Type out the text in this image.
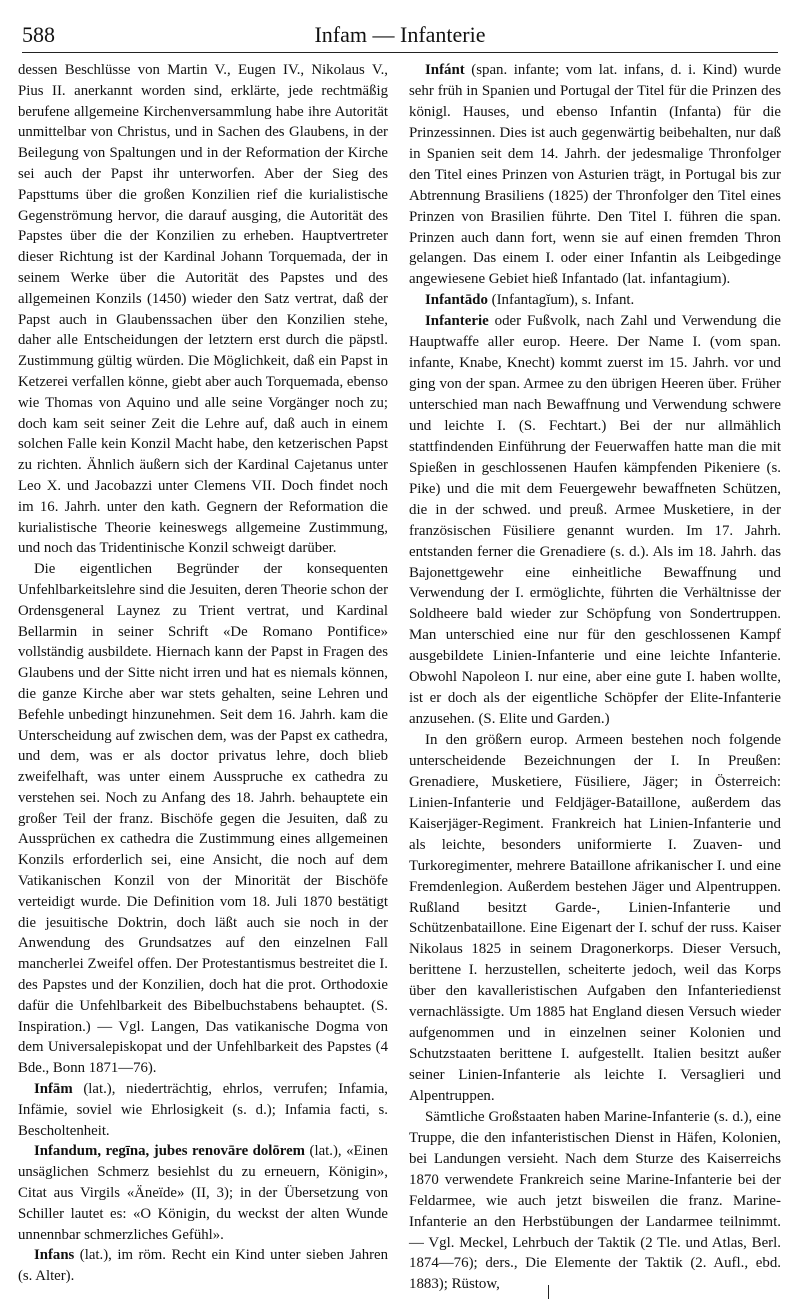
588	Infam — Infanterie

dessen Beschlüsse von Martin V., Eugen IV., Nikolaus V., Pius II. anerkannt worden sind, erklärte, jede rechtmäßig berufene allgemeine Kirchenversammlung habe ihre Autorität unmittelbar von Christus, und in Sachen des Glaubens, in der Beilegung von Spaltungen und in der Reformation der Kirche sei auch der Papst ihr unterworfen. Aber der Sieg des Papsttums über die großen Konzilien rief die kurialistische Gegenströmung hervor, die darauf ausging, die Autorität des Papstes über die der Konzilien zu erheben. Hauptvertreter dieser Richtung ist der Kardinal Johann Torquemada, der in seinem Werke über die Autorität des Papstes und des allgemeinen Konzils (1450) wieder den Satz vertrat, daß der Papst auch in Glaubenssachen über den Konzilien stehe, daher alle Entscheidungen der letztern erst durch die päpstl. Zustimmung gültig würden. Die Möglichkeit, daß ein Papst in Ketzerei verfallen könne, giebt aber auch Torquemada, ebenso wie Thomas von Aquino und alle seine Vorgänger noch zu; doch kam seit seiner Zeit die Lehre auf, daß auch in einem solchen Falle kein Konzil Macht habe, den ketzerischen Papst zu richten. Ähnlich äußern sich der Kardinal Cajetanus unter Leo X. und Jacobazzi unter Clemens VII. Doch findet noch im 16. Jahrh. unter den kath. Gegnern der Reformation die kurialistische Theorie keineswegs allgemeine Zustimmung, und noch das Tridentinische Konzil schweigt darüber.

Die eigentlichen Begründer der konsequenten Unfehlbarkeitslehre sind die Jesuiten, deren Theorie schon der Ordensgeneral Laynez zu Trient vertrat, und Kardinal Bellarmin in seiner Schrift «De Romano Pontifice» vollständig ausbildete. Hiernach kann der Papst in Fragen des Glaubens und der Sitte nicht irren und hat es niemals können, die ganze Kirche aber war stets gehalten, seine Lehren und Befehle unbedingt hinzunehmen. Seit dem 16. Jahrh. kam die Unterscheidung auf zwischen dem, was der Papst ex cathedra, und dem, was er als doctor privatus lehre, doch blieb zweifelhaft, was unter einem Ausspruche ex cathedra zu verstehen sei. Noch zu Anfang des 18. Jahrh. behauptete ein großer Teil der franz. Bischöfe gegen die Jesuiten, daß zu Aussprüchen ex cathedra die Zustimmung eines allgemeinen Konzils erforderlich sei, eine Ansicht, die noch auf dem Vatikanischen Konzil von der Minorität der Bischöfe verteidigt wurde. Die Definition vom 18. Juli 1870 bestätigt die jesuitische Doktrin, doch läßt auch sie noch in der Anwendung des Grundsatzes auf den einzelnen Fall mancherlei Zweifel offen. Der Protestantismus bestreitet die I. des Papstes und der Konzilien, doch hat die prot. Orthodoxie dafür die Unfehlbarkeit des Bibelbuchstabens behauptet. (S. Inspiration.) — Vgl. Langen, Das vatikanische Dogma von dem Universalepiskopat und der Unfehlbarkeit des Papstes (4 Bde., Bonn 1871—76).

Infām (lat.), niederträchtig, ehrlos, verrufen; Infamia, Infämie, soviel wie Ehrlosigkeit (s. d.); Infamia facti, s. Bescholtenheit.

Infandum, regīna, jubes renovāre dolōrem (lat.), «Einen unsäglichen Schmerz besiehlst du zu erneuern, Königin», Citat aus Virgils «Äneïde» (II, 3); in der Übersetzung von Schiller lautet es: «O Königin, du weckst der alten Wunde unnennbar schmerzliches Gefühl».

Infans (lat.), im röm. Recht ein Kind unter sieben Jahren (s. Alter).

Infánt (span. infante; vom lat. infans, d. i. Kind) wurde sehr früh in Spanien und Portugal der Titel für die Prinzen des königl. Hauses, und ebenso Infantin (Infanta) für die Prinzessinnen. Dies ist auch gegenwärtig beibehalten, nur daß in Spanien seit dem 14. Jahrh. der jedesmalige Thronfolger den Titel eines Prinzen von Asturien trägt, in Portugal bis zur Abtrennung Brasiliens (1825) der Thronfolger den Titel eines Prinzen von Brasilien führte. Den Titel I. führen die span. Prinzen auch dann fort, wenn sie auf einen fremden Thron gelangen. Das einem I. oder einer Infantin als Leibgedinge angewiesene Gebiet hieß Infantado (lat. infantagium).

Infantādo (Infantagĭum), s. Infant.

Infanterie oder Fußvolk, nach Zahl und Verwendung die Hauptwaffe aller europ. Heere. Der Name I. (vom span. infante, Knabe, Knecht) kommt zuerst im 15. Jahrh. vor und ging von der span. Armee zu den übrigen Heeren über. Früher unterschied man nach Bewaffnung und Verwendung schwere und leichte I. (S. Fechtart.) Bei der nur allmählich stattfindenden Einführung der Feuerwaffen hatte man die mit Spießen in geschlossenen Haufen kämpfenden Pikeniere (s. Pike) und die mit dem Feuergewehr bewaffneten Schützen, die in der schwed. und preuß. Armee Musketiere, in der französischen Füsiliere genannt wurden. Im 17. Jahrh. entstanden ferner die Grenadiere (s. d.). Als im 18. Jahrh. das Bajonettgewehr eine einheitliche Bewaffnung und Verwendung der I. ermöglichte, führten die Verhältnisse der Soldheere bald wieder zur Schöpfung von Sondertruppen. Man unterschied eine nur für den geschlossenen Kampf ausgebildete Linien-Infanterie und eine leichte Infanterie. Obwohl Napoleon I. nur eine, aber eine gute I. haben wollte, ist er doch als der eigentliche Schöpfer der Elite-Infanterie anzusehen. (S. Elite und Garden.)

In den größern europ. Armeen bestehen noch folgende unterscheidende Bezeichnungen der I. In Preußen: Grenadiere, Musketiere, Füsiliere, Jäger; in Österreich: Linien-Infanterie und Feldjäger-Bataillone, außerdem das Kaiserjäger-Regiment. Frankreich hat Linien-Infanterie und als leichte, besonders uniformierte I. Zuaven- und Turkoregimenter, mehrere Bataillone afrikanischer I. und eine Fremdenlegion. Außerdem bestehen Jäger und Alpentruppen. Rußland besitzt Garde-, Linien-Infanterie und Schützenbataillone. Eine Eigenart der I. schuf der russ. Kaiser Nikolaus 1825 in seinem Dragonerkorps. Dieser Versuch, berittene I. herzustellen, scheiterte jedoch, weil das Korps über den kavalleristischen Aufgaben den Infanteriedienst vernachlässigte. Um 1885 hat England diesen Versuch wieder aufgenommen und in einzelnen seiner Kolonien und Schutzstaaten berittene I. aufgestellt. Italien besitzt außer seiner Linien-Infanterie als leichte I. Versaglieri und Alpentruppen.

Sämtliche Großstaaten haben Marine-Infanterie (s. d.), eine Truppe, die den infanteristischen Dienst in Häfen, Kolonien, bei Landungen versieht. Nach dem Sturze des Kaiserreichs 1870 verwendete Frankreich seine Marine-Infanterie bei der Feldarmee, wie auch jetzt bisweilen die franz. Marine-Infanterie an den Herbstübungen der Landarmee teilnimmt. — Vgl. Meckel, Lehrbuch der Taktik (2 Tle. und Atlas, Berl. 1874—76); ders., Die Elemente der Taktik (2. Aufl., ebd. 1883); Rüstow,
